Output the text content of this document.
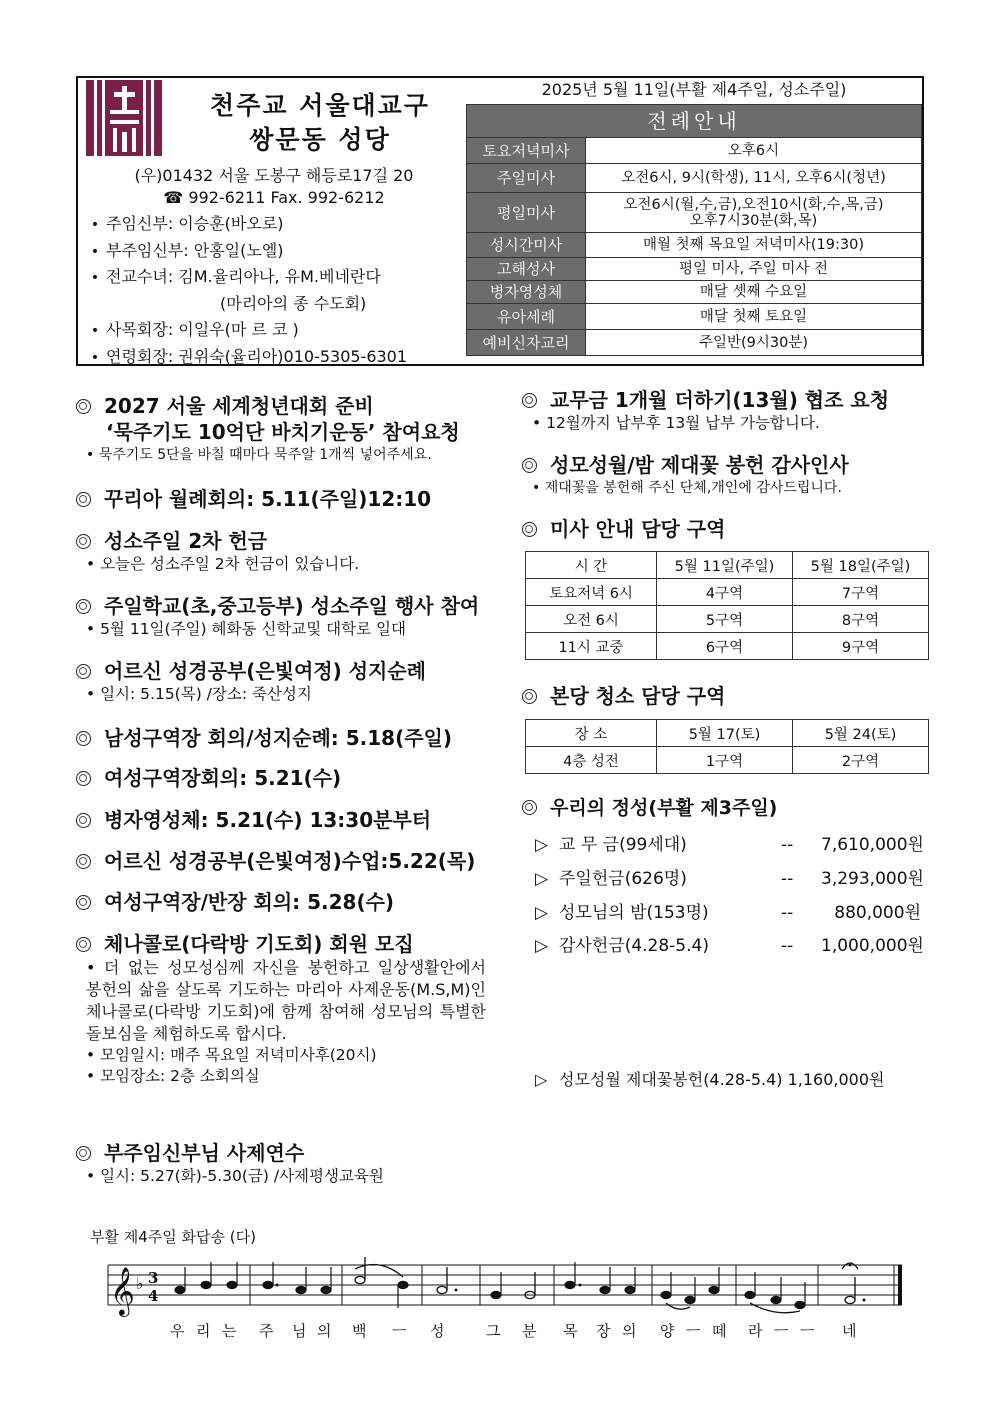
천주교 서울대교구
쌍문동 성당
(우)01432 서울 도봉구 해등로17길 20
☎ 992-6211 Fax. 992-6212
• 주임신부: 이승훈(바오로)
• 부주임신부: 안홍일(노엘)
• 전교수녀: 김M.율리아나, 유M.베네란다
(마리아의 종 수도회)
• 사목회장: 이일우(마 르 코 )
• 연령회장: 권위숙(율리아)010-5305-6301
2025년 5월 11일(부활 제4주일, 성소주일)
전례안내	
토요저녁미사	오후6시
주일미사	오전6시, 9시(학생), 11시, 오후6시(청년)
평일미사	오전6시(월,수,금),오전10시(화,수,목,금)
오후7시30분(화,목)

성시간미사	매월 첫째 목요일 저녁미사(19:30)
고해성사	평일 미사, 주일 미사 전
병자영성체	매달 셋째 수요일
유아세례	매달 첫째 토요일
예비신자교리	주일반(9시30분)
2027 서울 세계청년대회 준비
‘묵주기도 10억단 바치기운동’ 참여요청
• 묵주기도 5단을 바칠 때마다 묵주알 1개씩 넣어주세요.
꾸리아 월례회의: 5.11(주일)12:10
성소주일 2차 헌금
• 오늘은 성소주일 2차 헌금이 있습니다.
주일학교(초,중고등부) 성소주일 행사 참여
• 5월 11일(주일) 혜화동 신학교및 대학로 일대
어르신 성경공부(은빛여정) 성지순례
• 일시: 5.15(목) /장소: 죽산성지
남성구역장 회의/성지순례: 5.18(주일)
여성구역장회의: 5.21(수)
병자영성체: 5.21(수) 13:30분부터
어르신 성경공부(은빛여정)수업:5.22(목)
여성구역장/반장 회의: 5.28(수)
체나콜로(다락방 기도회) 회원 모집
• 더 없는 성모성심께 자신을 봉헌하고 일상생활안에서 봉헌의 삶을 살도록 기도하는 마리아 사제운동(M.S,M)인 체나콜로(다락방 기도회)에 함께 참여해 성모님의 특별한 돌보심을 체험하도록 합시다.
• 모임일시: 매주 목요일 저녁미사후(20시)
• 모임장소: 2층 소회의실
부주임신부님 사제연수
• 일시: 5.27(화)-5.30(금) /사제평생교육원
교무금 1개월 더하기(13월) 협조 요청
• 12월까지 납부후 13월 납부 가능합니다.
성모성월/밤 제대꽃 봉헌 감사인사
• 제대꽃을 봉헌해 주신 단체,개인에 감사드립니다.
미사 안내 담당 구역
시 간	5월 11일(주일)	5월 18일(주일)
토요저녁 6시	4구역	7구역
오전 6시	5구역	8구역
11시 교중	6구역	9구역
본당 청소 담당 구역
장 소	5월 17(토)	5월 24(토)
4층 성전	1구역	2구역
우리의 정성(부활 제3주일)
▷ 교 무 금(99세대)	-- 7,610,000원
▷ 주일헌금(626명)	-- 3,293,000원
▷ 성모님의 밤(153명)	-- 880,000원
▷ 감사헌금(4.28-5.4)	-- 1,000,000원
▷ 성모성월 제대꽃봉헌(4.28-5.4) 1,160,000원
부활 제4주일 화답송 (다)
𝄞 ♭ 3
4
우 리 는 주 님 의 백 ㅡ 성	그 분 목 장 의 양 ㅡ 떼 라 ㅡ ㅡ 네
